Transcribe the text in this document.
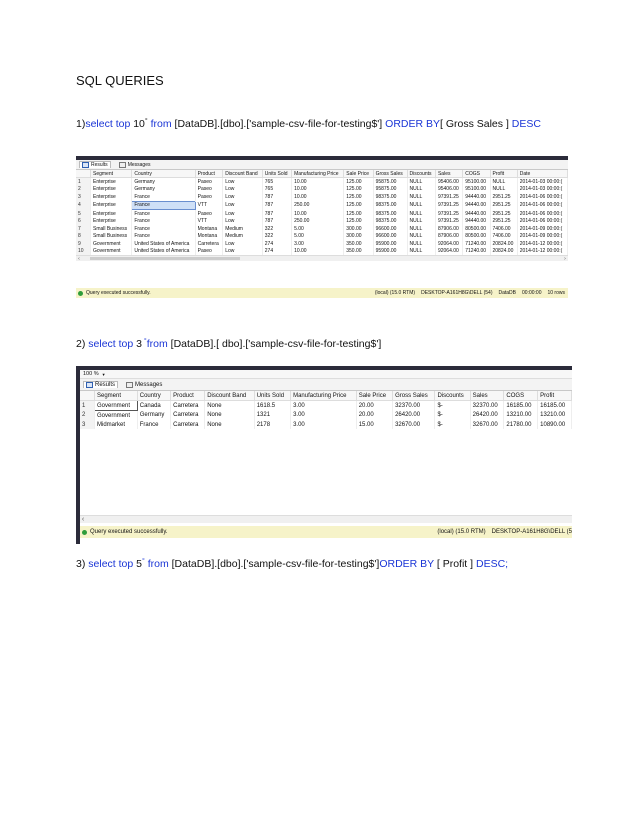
SQL QUERIES
1)select top 10° from [DataDB].[dbo].['sample-csv-file-for-testing$'] ORDER BY[ Gross Sales ] DESC
Results	Messages
	Segment	Country	Product	Discount Band	Units Sold	Manufacturing Price	Sale Price	Gross Sales	Discounts	Sales	COGS	Profit	Date
1	Enterprise	Germany	Paseo	Low	765	10.00	125.00	95875.00	NULL	95406.00	95100.00	NULL	2014-01-03 00:00:(
2	Enterprise	Germany	Paseo	Low	765	10.00	125.00	95875.00	NULL	95406.00	95100.00	NULL	2014-01-03 00:00:(
3	Enterprise	France	Paseo	Low	787	10.00	125.00	98375.00	NULL	97391.25	94440.00	2951.25	2014-01-06 00:00:(
4	Enterprise	France	VTT	Low	787	250.00	125.00	98375.00	NULL	97391.25	94440.00	2951.25	2014-01-06 00:00:(
5	Enterprise	France	Paseo	Low	787	10.00	125.00	98375.00	NULL	97391.25	94440.00	2951.25	2014-01-06 00:00:(
6	Enterprise	France	VTT	Low	787	250.00	125.00	98375.00	NULL	97391.25	94440.00	2951.25	2014-01-06 00:00:(
7	Small Business	France	Montana	Medium	322	5.00	300.00	96600.00	NULL	87906.00	80500.00	7406.00	2014-01-09 00:00:(
8	Small Business	France	Montana	Medium	322	5.00	300.00	96600.00	NULL	87906.00	80500.00	7406.00	2014-01-09 00:00:(
9	Government	United States of America	Carretera	Low	274	3.00	350.00	95900.00	NULL	92064.00	71240.00	20824.00	2014-01-12 00:00:(
10	Government	United States of America	Paseo	Low	274	10.00	350.00	95900.00	NULL	92064.00	71240.00	20824.00	2014-01-12 00:00:(
‹	›
Query executed successfully.	(local) (15.0 RTM) DESKTOP-A161H8G\DELL (54) DataDB 00:00:00 10 rows
2) select top 3 °from [DataDB].[ dbo].['sample-csv-file-for-testing$']
100 % ▼
Results	Messages
	Segment	Country	Product	Discount Band	Units Sold	Manufacturing Price	Sale Price	Gross Sales	Discounts	Sales	COGS	Profit
1	Government	Canada	Carretera	None	1618.5	3.00	20.00	32370.00	$-	32370.00	16185.00	16185.00
2	Government	Germany	Carretera	None	1321	3.00	20.00	26420.00	$-	26420.00	13210.00	13210.00
3	Midmarket	France	Carretera	None	2178	3.00	15.00	32670.00	$-	32670.00	21780.00	10890.00
‹
Query executed successfully.	(local) (15.0 RTM) DESKTOP-A161H8G\DELL (5
3) select top 5° from [DataDB].[dbo].['sample-csv-file-for-testing$']ORDER BY [ Profit ] DESC;
